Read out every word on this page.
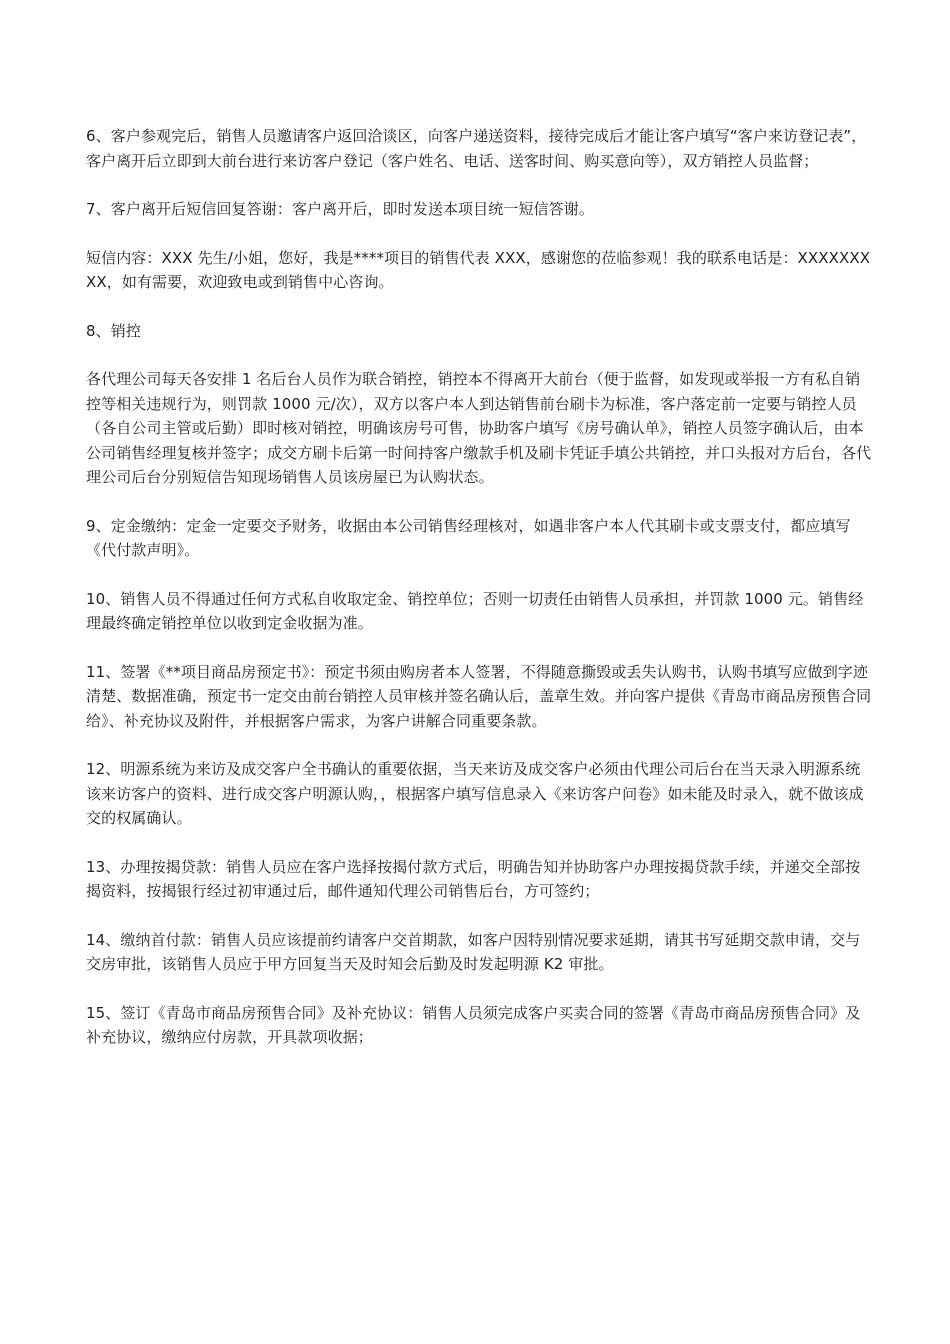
6、客户参观完后，销售人员邀请客户返回洽谈区，向客户递送资料，接待完成后才能让客户填写“客户来访登记表”，客户离开后立即到大前台进行来访客户登记（客户姓名、电话、送客时间、购买意向等），双方销控人员监督；

7、客户离开后短信回复答谢：客户离开后，即时发送本项目统一短信答谢。

短信内容：XXX 先生/小姐，您好，我是****项目的销售代表 XXX，感谢您的莅临参观！我的联系电话是：XXXXXXXXX，如有需要，欢迎致电或到销售中心咨询。

8、销控

各代理公司每天各安排 1 名后台人员作为联合销控，销控本不得离开大前台（便于监督，如发现或举报一方有私自销控等相关违规行为，则罚款 1000 元/次），双方以客户本人到达销售前台刷卡为标准，客户落定前一定要与销控人员（各自公司主管或后勤）即时核对销控，明确该房号可售，协助客户填写《房号确认单》，销控人员签字确认后，由本公司销售经理复核并签字；成交方刷卡后第一时间持客户缴款手机及刷卡凭证手填公共销控，并口头报对方后台，各代理公司后台分别短信告知现场销售人员该房屋已为认购状态。

9、定金缴纳：定金一定要交予财务，收据由本公司销售经理核对，如遇非客户本人代其刷卡或支票支付，都应填写《代付款声明》。

10、销售人员不得通过任何方式私自收取定金、销控单位；否则一切责任由销售人员承担，并罚款 1000 元。销售经理最终确定销控单位以收到定金收据为准。

11、签署《**项目商品房预定书》：预定书须由购房者本人签署，不得随意撕毁或丢失认购书，认购书填写应做到字迹清楚、数据准确，预定书一定交由前台销控人员审核并签名确认后，盖章生效。并向客户提供《青岛市商品房预售合同给》、补充协议及附件，并根据客户需求，为客户讲解合同重要条款。

12、明源系统为来访及成交客户全书确认的重要依据，当天来访及成交客户必须由代理公司后台在当天录入明源系统该来访客户的资料、进行成交客户明源认购，，根据客户填写信息录入《来访客户问卷》如未能及时录入，就不做该成交的权属确认。

13、办理按揭贷款：销售人员应在客户选择按揭付款方式后，明确告知并协助客户办理按揭贷款手续，并递交全部按揭资料，按揭银行经过初审通过后，邮件通知代理公司销售后台，方可签约；

14、缴纳首付款：销售人员应该提前约请客户交首期款，如客户因特别情况要求延期，请其书写延期交款申请，交与交房审批，该销售人员应于甲方回复当天及时知会后勤及时发起明源 K2 审批。

15、签订《青岛市商品房预售合同》及补充协议：销售人员须完成客户买卖合同的签署《青岛市商品房预售合同》及补充协议，缴纳应付房款，开具款项收据；
